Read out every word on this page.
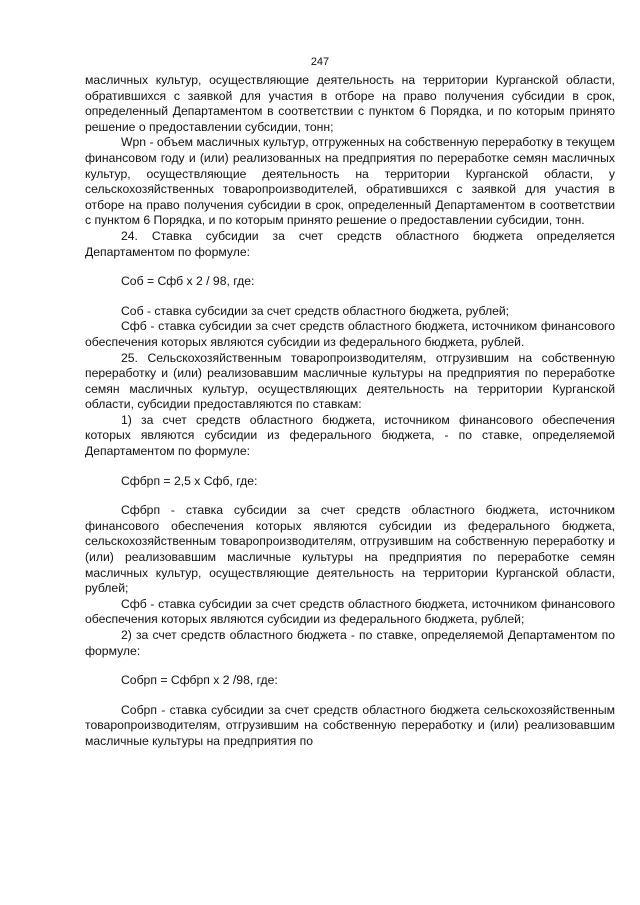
247

масличных культур, осуществляющие деятельность на территории Курганской области, обратившихся с заявкой для участия в отборе на право получения субсидии в срок, определенный Департаментом в соответствии с пунктом 6 Порядка, и по которым принято решение о предоставлении субсидии, тонн;

Wpn - объем масличных культур, отгруженных на собственную переработку в текущем финансовом году и (или) реализованных на предприятия по переработке семян масличных культур, осуществляющие деятельность на территории Курганской области, у сельскохозяйственных товаропроизводителей, обратившихся с заявкой для участия в отборе на право получения субсидии в срок, определенный Департаментом в соответствии с пунктом 6 Порядка, и по которым принято решение о предоставлении субсидии, тонн.

24. Ставка субсидии за счет средств областного бюджета определяется Департаментом по формуле:

Соб = Сфб х 2 / 98, где:

Соб - ставка субсидии за счет средств областного бюджета, рублей;

Сфб - ставка субсидии за счет средств областного бюджета, источником финансового обеспечения которых являются субсидии из федерального бюджета, рублей.

25. Сельскохозяйственным товаропроизводителям, отгрузившим на собственную переработку и (или) реализовавшим масличные культуры на предприятия по переработке семян масличных культур, осуществляющих деятельность на территории Курганской области, субсидии предоставляются по ставкам:

1) за счет средств областного бюджета, источником финансового обеспечения которых являются субсидии из федерального бюджета, - по ставке, определяемой Департаментом по формуле:

Сфбрп = 2,5 х Сфб, где:

Сфбрп - ставка субсидии за счет средств областного бюджета, источником финансового обеспечения которых являются субсидии из федерального бюджета, сельскохозяйственным товаропроизводителям, отгрузившим на собственную переработку и (или) реализовавшим масличные культуры на предприятия по переработке семян масличных культур, осуществляющие деятельность на территории Курганской области, рублей;

Сфб - ставка субсидии за счет средств областного бюджета, источником финансового обеспечения которых являются субсидии из федерального бюджета, рублей;

2) за счет средств областного бюджета - по ставке, определяемой Департаментом по формуле:

Собрп = Сфбрп х 2 /98, где:

Собрп - ставка субсидии за счет средств областного бюджета сельскохозяйственным товаропроизводителям, отгрузившим на собственную переработку и (или) реализовавшим масличные культуры на предприятия по
